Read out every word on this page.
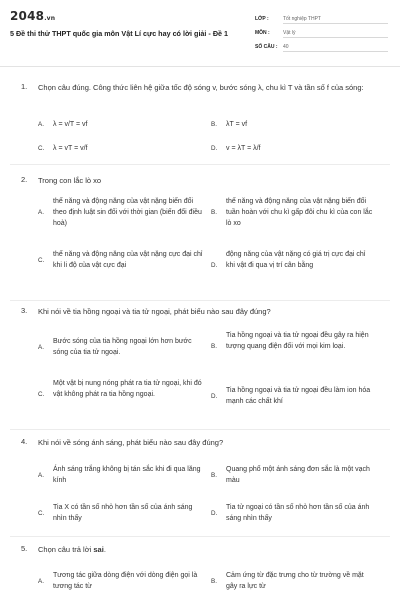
2048.vn
5 Đề thi thử THPT quốc gia môn Vật Lí cực hay có lời giải - Đề 1
LỚP :	Tốt nghiệp THPT
MÔN :	Vật lý
SỐ CÂU : 40
1. Chọn câu đúng. Công thức liên hệ giữa tốc độ sóng v, bước sóng λ, chu kì T và tần số f của sóng:
A.	λ = v/T = vf	B.	λT = vf
C.	λ = vT = v/f	D.	v = λT = λ/f
2. Trong con lắc lò xo
A.
thế năng và động năng của vật nặng biến đổi theo định luật sin đối với thời gian (biến đổi điều hoà)
B.
thế năng và động năng của vật nặng biến đổi tuần hoàn với chu kì gấp đôi chu kì của con lắc lò xo
C.
thế năng và động năng của vật nặng cực đại chỉ khi li độ của vật cực đại	D.
động năng của vật nặng có giá trị cực đại chỉ khi vật đi qua vị trí cân bằng
3. Khi nói về tia hồng ngoại và tia tử ngoại, phát biểu nào sau đây đúng?
A.
Bước sóng của tia hồng ngoại lớn hơn bước sóng của tia tử ngoại.
B.
Tia hồng ngoại và tia tử ngoại đều gây ra hiện tượng quang điện đối với mọi kim loại.
C.
Một vật bị nung nóng phát ra tia tử ngoại, khi đó vật không phát ra tia hồng ngoại.	D.
Tia hồng ngoại và tia tử ngoại đều làm ion hóa mạnh các chất khí
4. Khi nói về sóng ánh sáng, phát biểu nào sau đây đúng?
A.
Ánh sáng trắng không bị tán sắc khi đi qua lăng kính
B.
Quang phổ một ánh sáng đơn sắc là một vạch màu
C.
Tia X có tần số nhỏ hơn tần số của ánh sáng nhìn thấy
D.
Tia tử ngoại có tần số nhỏ hơn tần số của ánh sáng nhìn thấy
5. Chọn câu trả lời sai.
A.
Tương tác giữa dòng điện với dòng điện gọi là tương tác từ
B.
Cảm ứng từ đặc trưng cho từ trường về mặt gây ra lực từ
